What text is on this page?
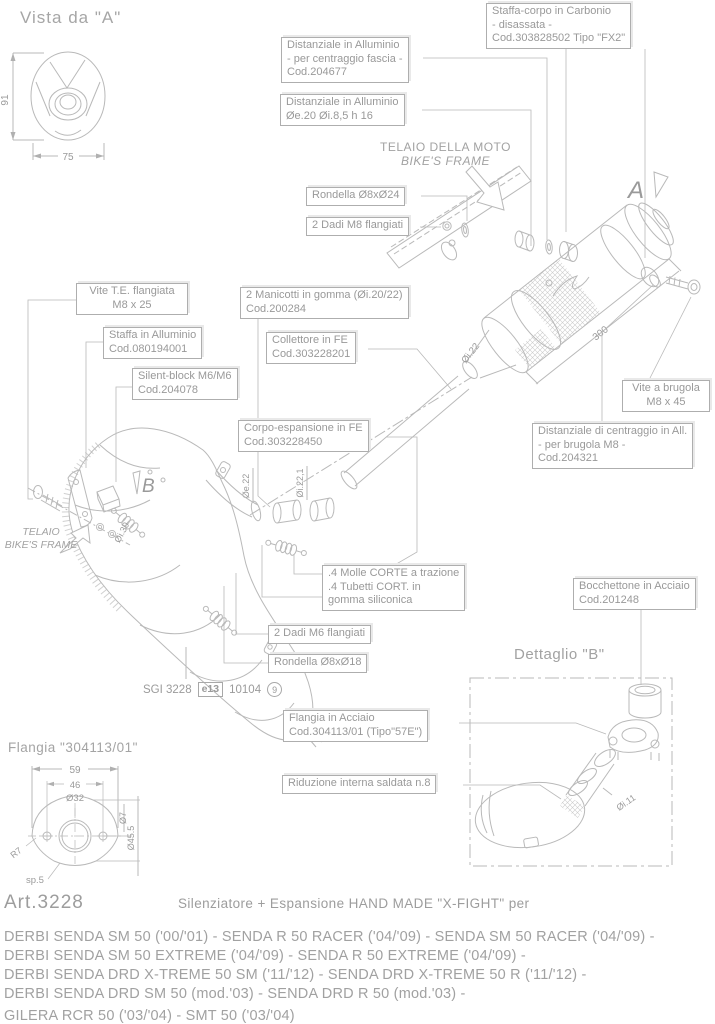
91
75
300
Øi.22
A
B	Øe.22	Øi.22,1
Øi.30
Øi.11
59
46
Ø32
Ø7
Ø45.5
R7
sp.5
Vista da "A"
TELAIO DELLA MOTO
BIKE'S FRAME
TELAIO
BIKE'S FRAME
Dettaglio "B"
Flangia "304113/01"
SGI 3228 e13 10104	9
Distanziale in Alluminio
- per centraggio fascia -
Cod.204677
Distanziale in Alluminio
Øe.20 Øi.8,5 h 16
Staffa-corpo in Carbonio
- disassata -
Cod.303828502 Tipo "FX2"
Rondella Ø8xØ24
2 Dadi M8 flangiati
Vite T.E. flangiata
M8 x 25
Staffa in Alluminio
Cod.080194001
Silent-block M6/M6
Cod.204078
2 Manicotti in gomma (Øi.20/22)
Cod.200284
Collettore in FE
Cod.303228201
Corpo-espansione in FE
Cod.303228450
Vite a brugola
M8 x 45
Distanziale di centraggio in All.
- per brugola M8 -
Cod.204321
.4 Molle CORTE a trazione
.4 Tubetti CORT. in
gomma siliconica
2 Dadi M6 flangiati
Rondella Ø8xØ18
Bocchettone in Acciaio
Cod.201248
Flangia in Acciaio
Cod.304113/01 (Tipo"57E")
Riduzione interna saldata n.8
Art.3228	Silenziatore + Espansione HAND MADE "X-FIGHT" per
DERBI SENDA SM 50 ('00/'01) - SENDA R 50 RACER ('04/'09) - SENDA SM 50 RACER ('04/'09) -
DERBI SENDA SM 50 EXTREME ('04/'09) - SENDA R 50 EXTREME ('04/'09) -
DERBI SENDA DRD X-TREME 50 SM ('11/'12) - SENDA DRD X-TREME 50 R ('11/'12) -
DERBI SENDA DRD SM 50 (mod.'03) - SENDA DRD R 50 (mod.'03) -
GILERA RCR 50 ('03/'04) - SMT 50 ('03/'04)
